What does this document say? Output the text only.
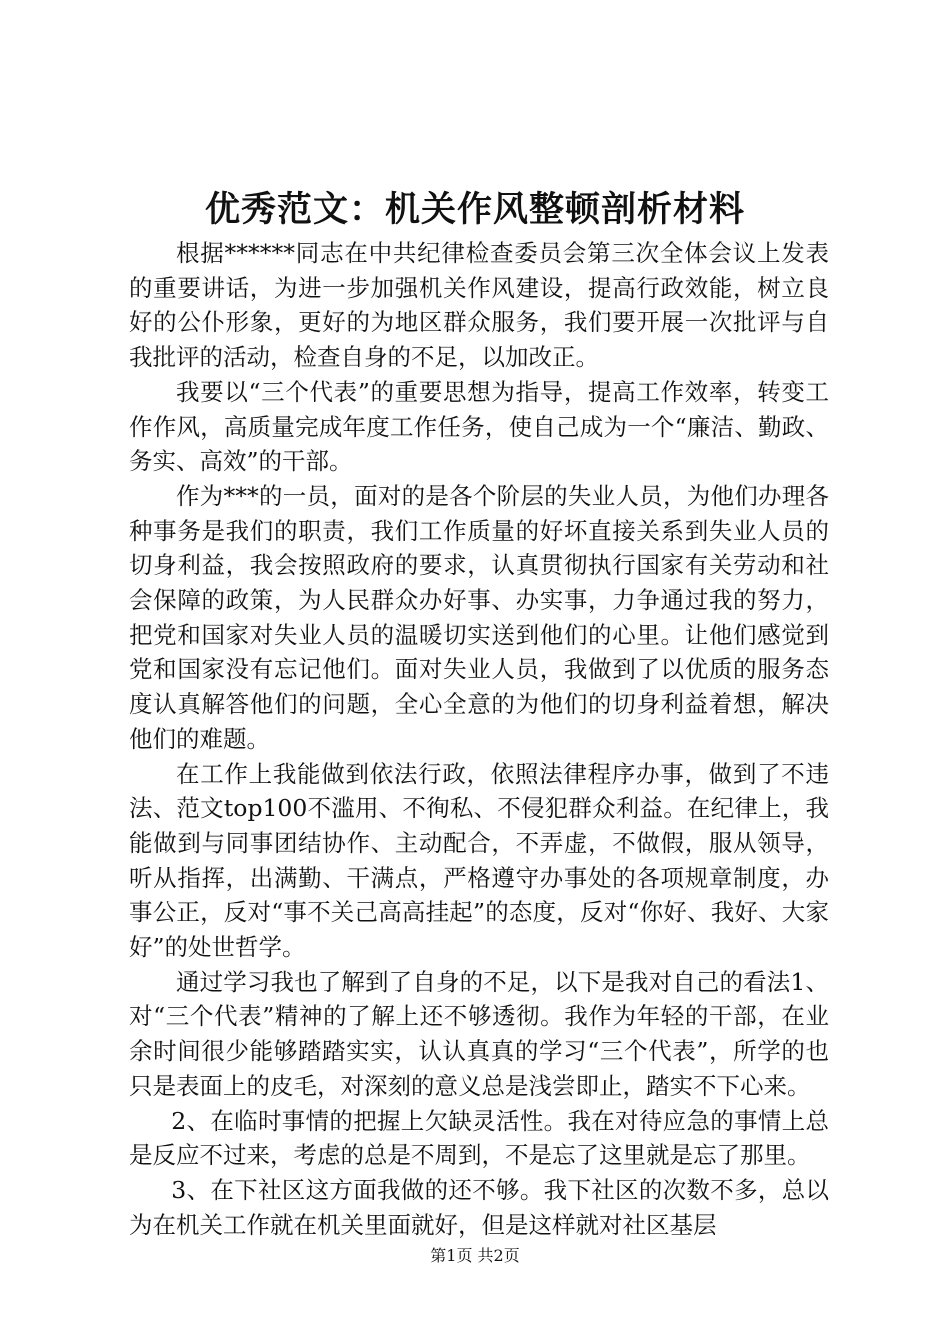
优秀范文：机关作风整顿剖析材料

根据******同志在中共纪律检查委员会第三次全体会议上发表的重要讲话，为进一步加强机关作风建设，提高行政效能，树立良好的公仆形象，更好的为地区群众服务，我们要开展一次批评与自我批评的活动，检查自身的不足，以加改正。

我要以“三个代表”的重要思想为指导，提高工作效率，转变工作作风，高质量完成年度工作任务，使自己成为一个“廉洁、勤政、务实、高效”的干部。

作为***的一员，面对的是各个阶层的失业人员，为他们办理各种事务是我们的职责，我们工作质量的好坏直接关系到失业人员的切身利益，我会按照政府的要求，认真贯彻执行国家有关劳动和社会保障的政策，为人民群众办好事、办实事，力争通过我的努力，把党和国家对失业人员的温暖切实送到他们的心里。让他们感觉到党和国家没有忘记他们。面对失业人员，我做到了以优质的服务态度认真解答他们的问题，全心全意的为他们的切身利益着想，解决他们的难题。

在工作上我能做到依法行政，依照法律程序办事，做到了不违法、范文top100不滥用、不徇私、不侵犯群众利益。在纪律上，我能做到与同事团结协作、主动配合，不弄虚，不做假，服从领导，听从指挥，出满勤、干满点，严格遵守办事处的各项规章制度，办事公正，反对“事不关己高高挂起”的态度，反对“你好、我好、大家好”的处世哲学。

通过学习我也了解到了自身的不足，以下是我对自己的看法1、对“三个代表”精神的了解上还不够透彻。我作为年轻的干部，在业余时间很少能够踏踏实实，认认真真的学习“三个代表”，所学的也只是表面上的皮毛，对深刻的意义总是浅尝即止，踏实不下心来。

2、在临时事情的把握上欠缺灵活性。我在对待应急的事情上总是反应不过来，考虑的总是不周到，不是忘了这里就是忘了那里。

3、在下社区这方面我做的还不够。我下社区的次数不多，总以为在机关工作就在机关里面就好，但是这样就对社区基层

第1页 共2页
